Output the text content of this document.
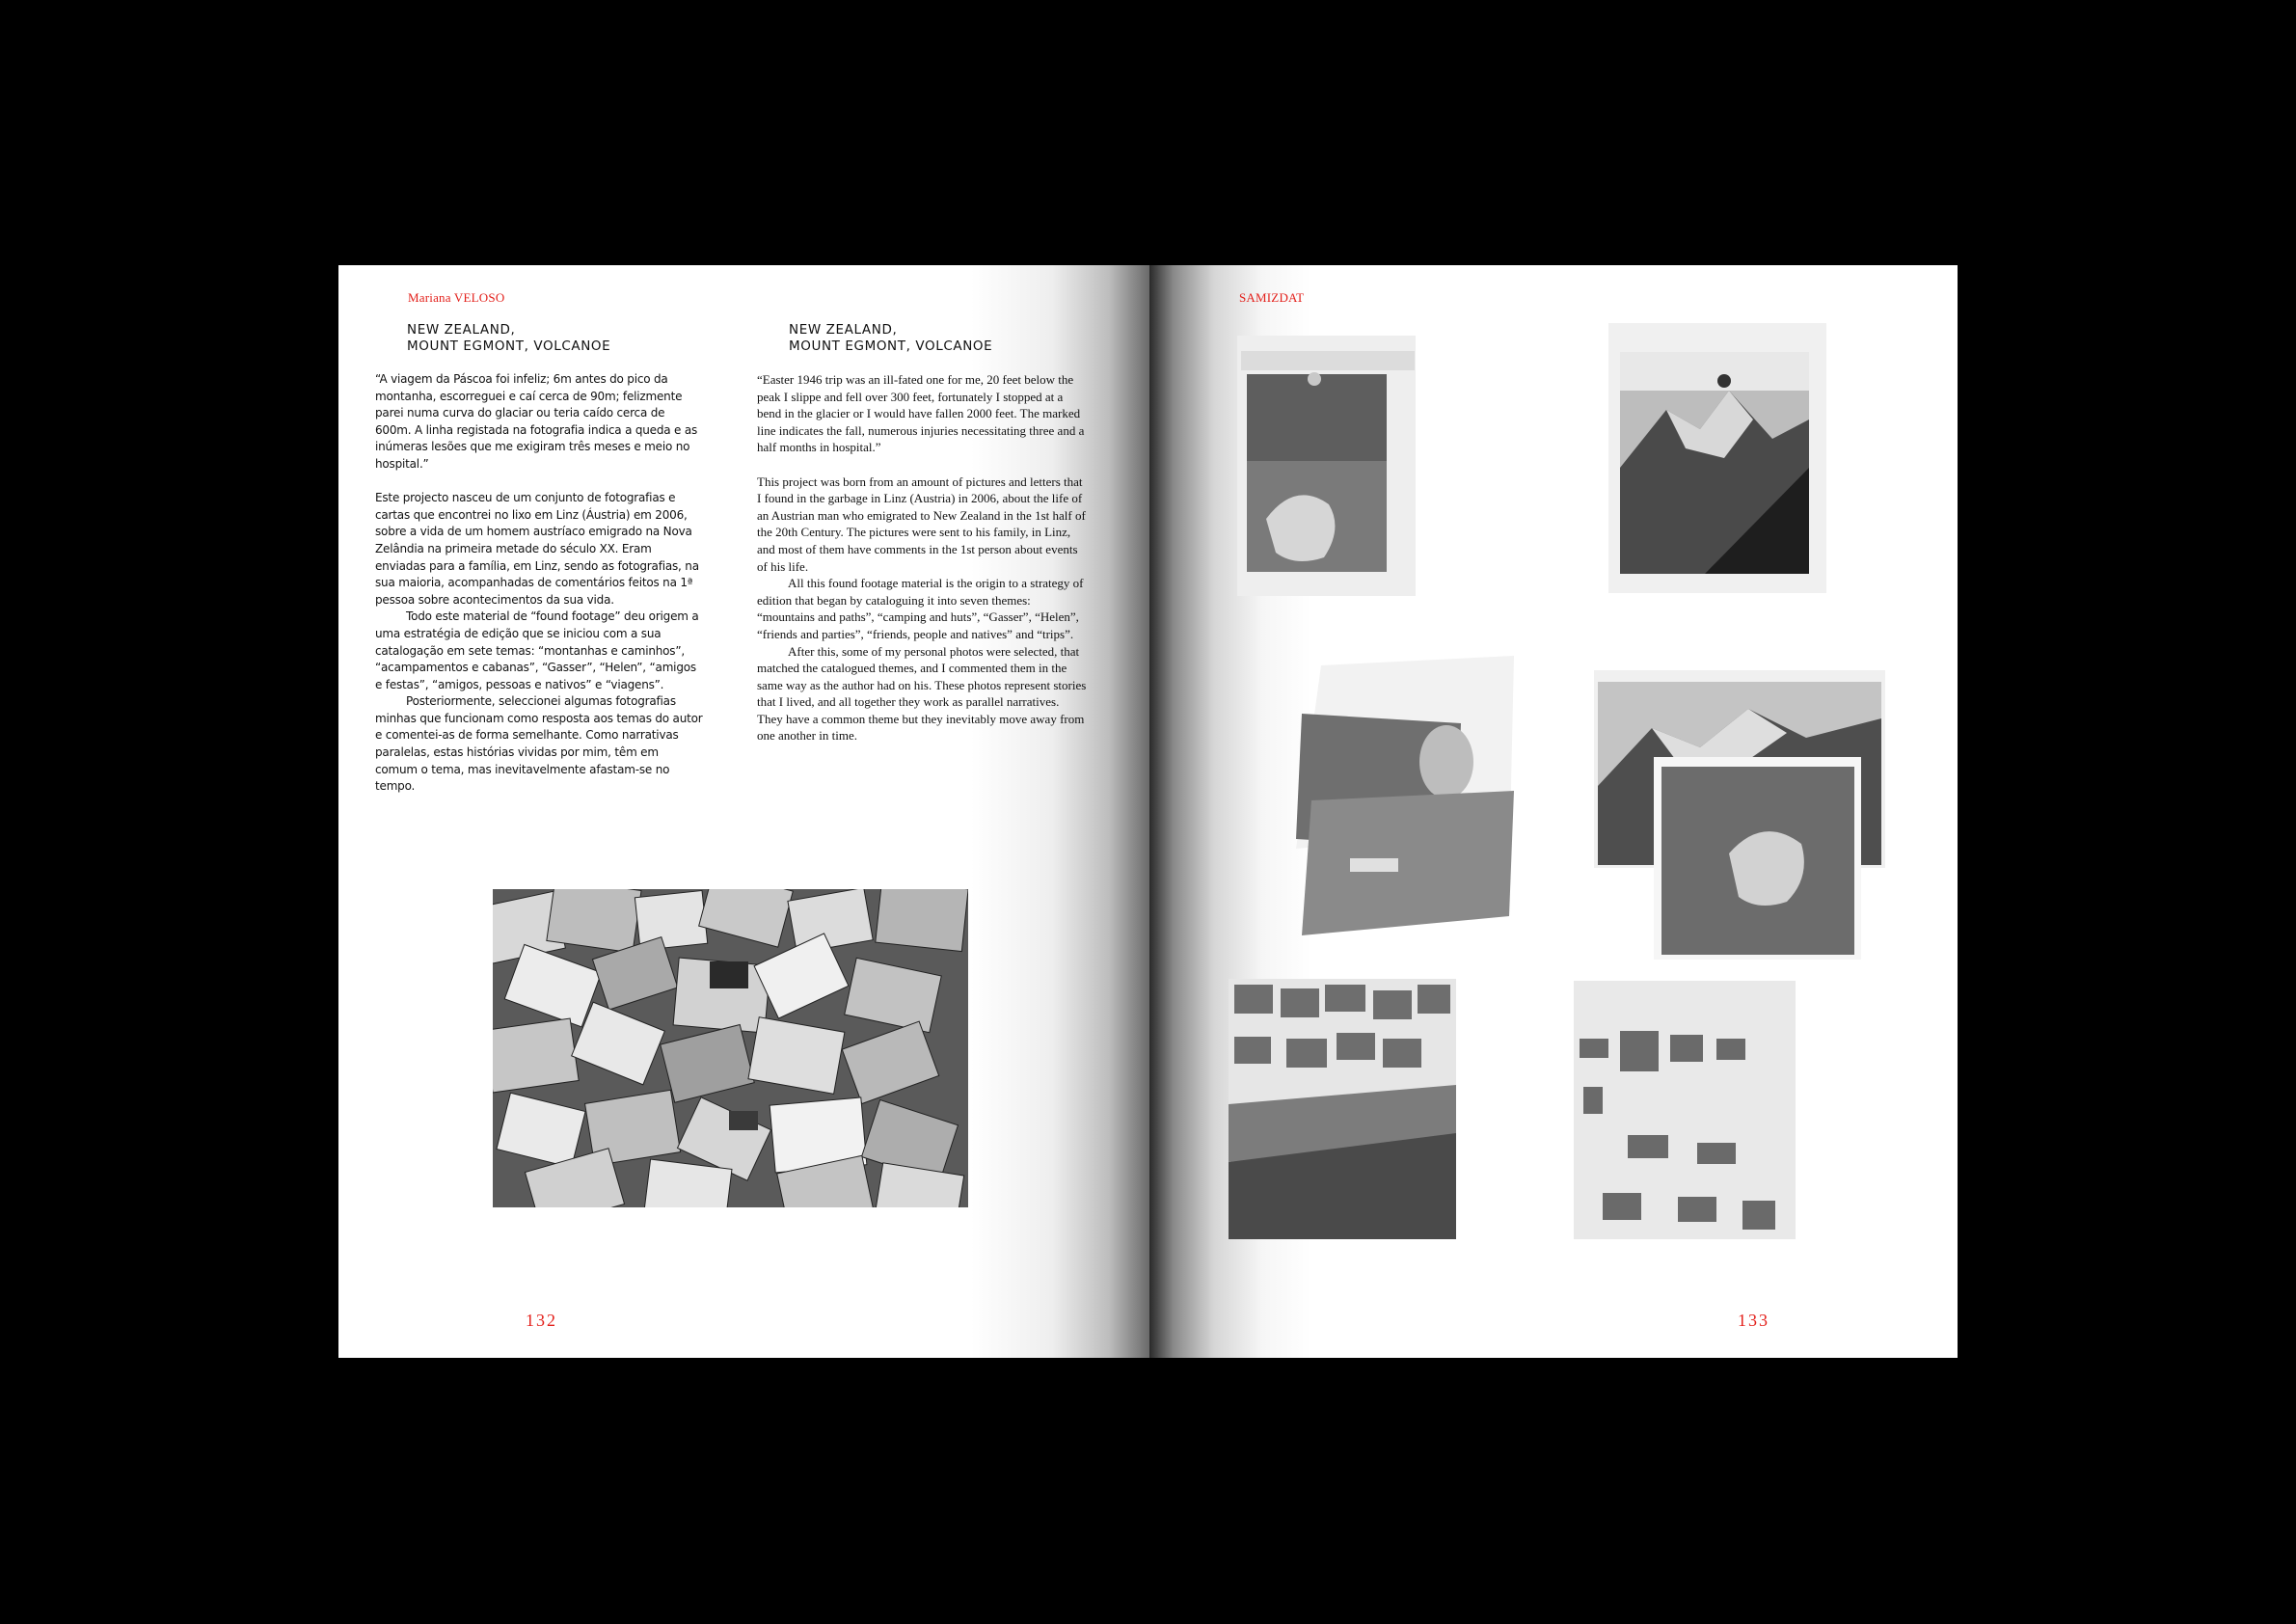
Mariana VELOSO
NEW ZEALAND,
MOUNT EGMONT, VOLCANOE
NEW ZEALAND,
MOUNT EGMONT, VOLCANOE

“A viagem da Páscoa foi infeliz; 6m antes do pico da montanha, escorreguei e caí cerca de 90m; felizmente parei numa curva do glaciar ou teria caído cerca de 600m. A linha registada na fotografia indica a queda e as inúmeras lesões que me exigiram três meses e meio no hospital.”

Este projecto nasceu de um conjunto de fotografias e cartas que encontrei no lixo em Linz (Áustria) em 2006, sobre a vida de um homem austríaco emigrado na Nova Zelândia na primeira metade do século XX. Eram enviadas para a família, em Linz, sendo as fotografias, na sua maioria, acompanhadas de comentários feitos na 1ª pessoa sobre acontecimentos da sua vida.

Todo este material de “found footage” deu origem a uma estratégia de edição que se iniciou com a sua catalogação em sete temas: “montanhas e caminhos”, “acampamentos e cabanas”, “Gasser”, “Helen”, “amigos e festas”, “amigos, pessoas e nativos” e “viagens”.

Posteriormente, seleccionei algumas fotografias minhas que funcionam como resposta aos temas do autor e comentei-as de forma semelhante. Como narrativas paralelas, estas histórias vividas por mim, têm em comum o tema, mas inevitavelmente afastam-se no tempo.

“Easter 1946 trip was an ill-fated one for me, 20 feet below the peak I slippe and fell over 300 feet, fortunately I stopped at a bend in the glacier or I would have fallen 2000 feet. The marked line indicates the fall, numerous injuries necessitating three and a half months in hospital.”

This project was born from an amount of pictures and letters that I found in the garbage in Linz (Austria) in 2006, about the life of an Austrian man who emigrated to New Zealand in the 1st half of the 20th Century. The pictures were sent to his family, in Linz, and most of them have comments in the 1st person about events of his life.

All this found footage material is the origin to a strategy of edition that began by cataloguing it into seven themes: “mountains and paths”, “camping and huts”, “Gasser”, “Helen”, “friends and parties”, “friends, people and natives” and “trips”.

After this, some of my personal photos were selected, that matched the catalogued themes, and I commented them in the same way as the author had on his. These photos represent stories that I lived, and all together they work as parallel narratives. They have a common theme but they inevitably move away from one another in time.

132
SAMIZDAT
133
